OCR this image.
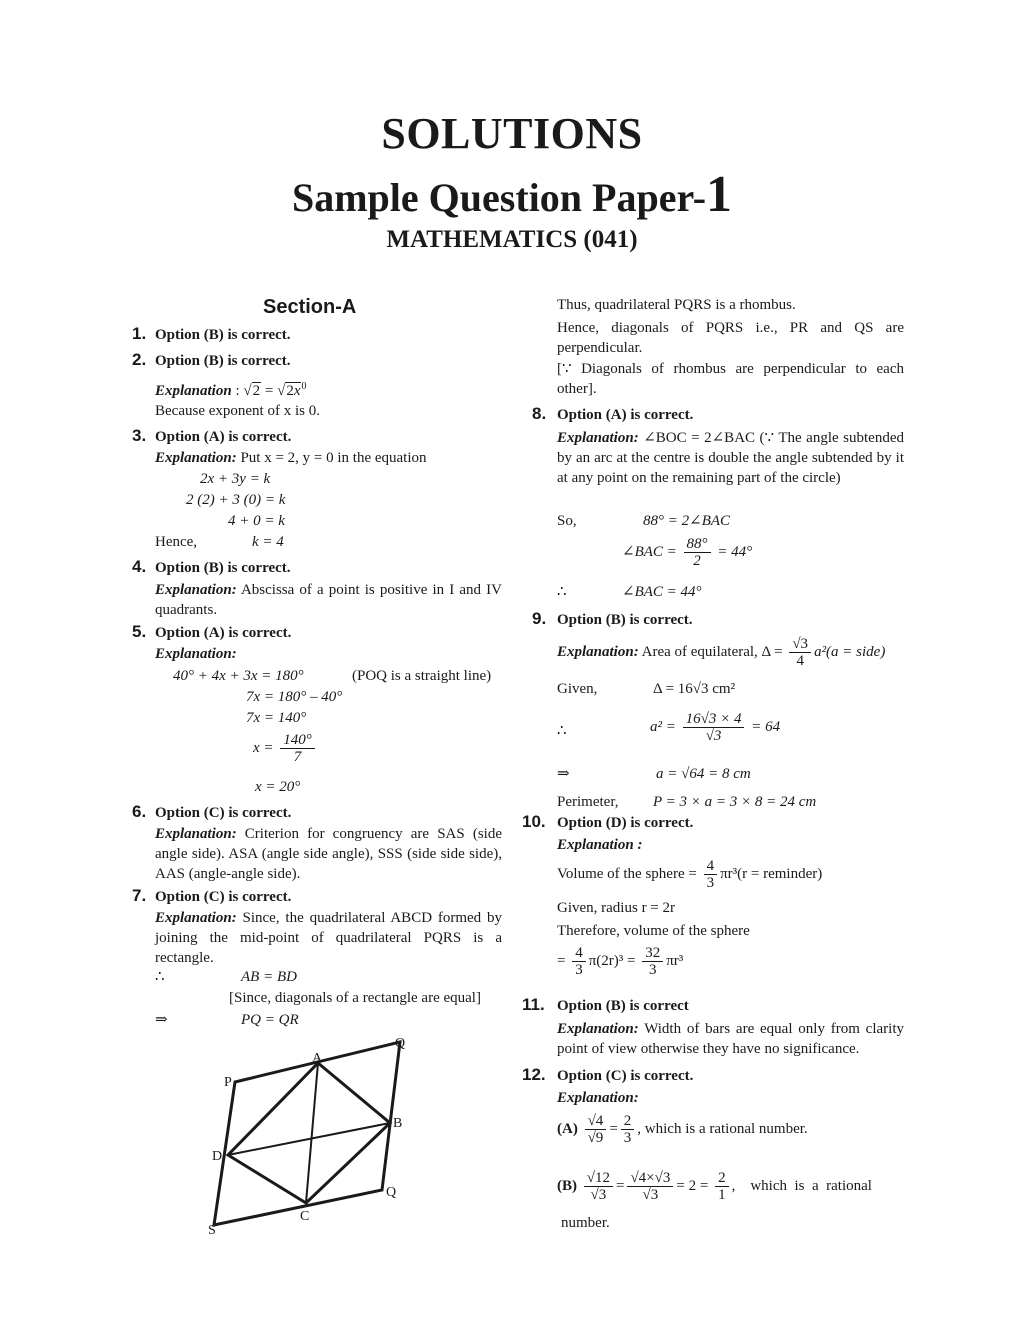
SOLUTIONS
Sample Question Paper-1
MATHEMATICS (041)
Section-A
1. Option (B) is correct.
2. Option (B) is correct.
Explanation : $√2 = √2x^0$
Because exponent of x is 0.
3. Option (A) is correct.
Explanation: Put x = 2, y = 0 in the equation
2x + 3y = k
2 (2) + 3 (0) = k
4 + 0 = k
Hence,	k = 4
4. Option (B) is correct.
Explanation: Abscissa of a point is positive in I and IV quadrants.
5. Option (A) is correct.
Explanation:
40° + 4x + 3x = 180°	(POQ is a straight line)
7x = 180° – 40°
7x = 140°
$x = \frac{140^\circ}{7}$
x = 20°
6. Option (C) is correct.
Explanation: Criterion for congruency are SAS (side angle side). ASA (angle side angle), SSS (side side side), AAS (angle-angle side).
7. Option (C) is correct.
Explanation: Since, the quadrilateral ABCD formed by joining the mid-point of quadrilateral PQRS is a rectangle.
∴	AB = BD
[Since, diagonals of a rectangle are equal]
⇒	PQ = QR
A
P
Q
B
D
Q
C
S
Thus, quadrilateral PQRS is a rhombus.
Hence, diagonals of PQRS i.e., PR and QS are perpendicular.
[∵ Diagonals of rhombus are perpendicular to each other].
8. Option (A) is correct.
Explanation: ∠BOC = 2∠BAC (∵ The angle subtended by an arc at the centre is double the angle subtended by it at any point on the remaining part of the circle)
So,	88° = 2∠BAC
∠BAC = $\frac{88^\circ}{2} = 44^\circ$
∴	∠BAC = 44°
9. Option (B) is correct.
Explanation: Area of equilateral, $\Delta = \frac{√3}{4} a^2(a$ = side)
Given,	Δ = 16√3 cm²
∴	$a^2 = \frac{16√3 \times 4}{√3} = 64$
⇒	a = √64 = 8 cm
Perimeter, P = 3 × a = 3 × 8 = 24 cm
10. Option (D) is correct.
Explanation :
Volume of the sphere = $\frac{4}{3} \pi r^3(r$ = reminder)
Given, radius r = 2r
Therefore, volume of the sphere
= $\frac{4}{3} \pi(2r)^3 = \frac{32}{3} \pi r^3$
11. Option (B) is correct
Explanation: Width of bars are equal only from clarity point of view otherwise they have no significance.
12. Option (C) is correct.
Explanation:
$(A) \frac{√4}{√9} = \frac{2}{3}$ , which is a rational number.
$(B) \frac{√12}{√3} = \frac{√4\times√3}{√3} = 2 = \frac{2}{1}$ ,    which  is  a  rational
number.
